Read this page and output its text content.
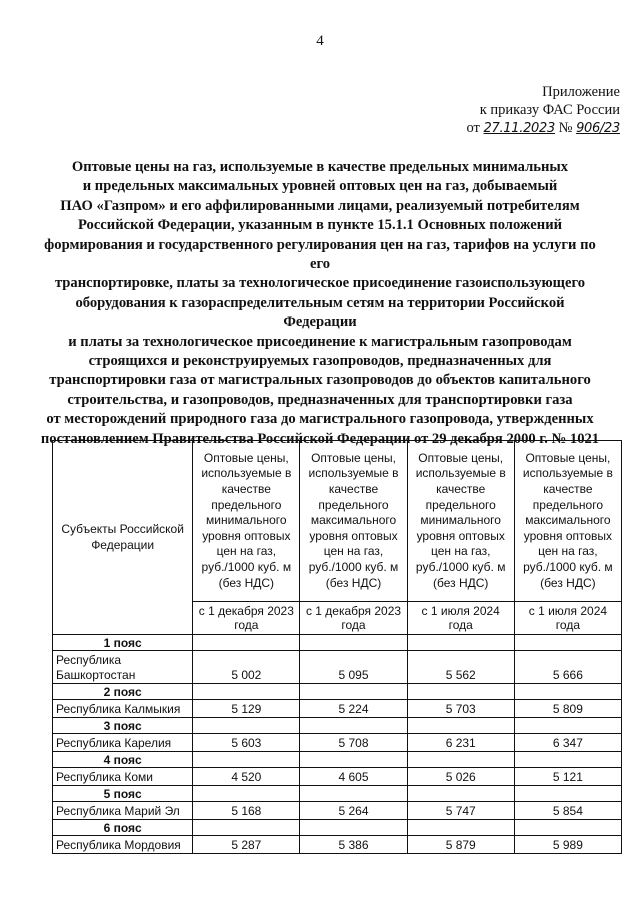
4
Приложение
к приказу ФАС России
от 27.11.2023 № 906/23
Оптовые цены на газ, используемые в качестве предельных минимальных
и предельных максимальных уровней оптовых цен на газ, добываемый
ПАО «Газпром» и его аффилированными лицами, реализуемый потребителям
Российской Федерации, указанным в пункте 15.1.1 Основных положений
формирования и государственного регулирования цен на газ, тарифов на услуги по его
транспортировке, платы за технологическое присоединение газоиспользующего
оборудования к газораспределительным сетям на территории Российской Федерации
и платы за технологическое присоединение к магистральным газопроводам
строящихся и реконструируемых газопроводов, предназначенных для
транспортировки газа от магистральных газопроводов до объектов капитального
строительства, и газопроводов, предназначенных для транспортировки газа
от месторождений природного газа до магистрального газопровода, утвержденных
постановлением Правительства Российской Федерации от 29 декабря 2000 г. № 1021
Субъекты Российской Федерации	Оптовые цены, используемые в качестве предельного минимального уровня оптовых цен на газ, руб./1000 куб. м (без НДС)	Оптовые цены, используемые в качестве предельного максимального уровня оптовых цен на газ, руб./1000 куб. м (без НДС)	Оптовые цены, используемые в качестве предельного минимального уровня оптовых цен на газ, руб./1000 куб. м (без НДС)	Оптовые цены, используемые в качестве предельного максимального уровня оптовых цен на газ, руб./1000 куб. м (без НДС)
	с 1 декабря 2023 года	с 1 декабря 2023 года	с 1 июля 2024 года	с 1 июля 2024 года
1 пояс				
Республика Башкортостан	5 002	5 095	5 562	5 666
2 пояс				
Республика Калмыкия	5 129	5 224	5 703	5 809
3 пояс				
Республика Карелия	5 603	5 708	6 231	6 347
4 пояс				
Республика Коми	4 520	4 605	5 026	5 121
5 пояс				
Республика Марий Эл	5 168	5 264	5 747	5 854
6 пояс				
Республика Мордовия	5 287	5 386	5 879	5 989
